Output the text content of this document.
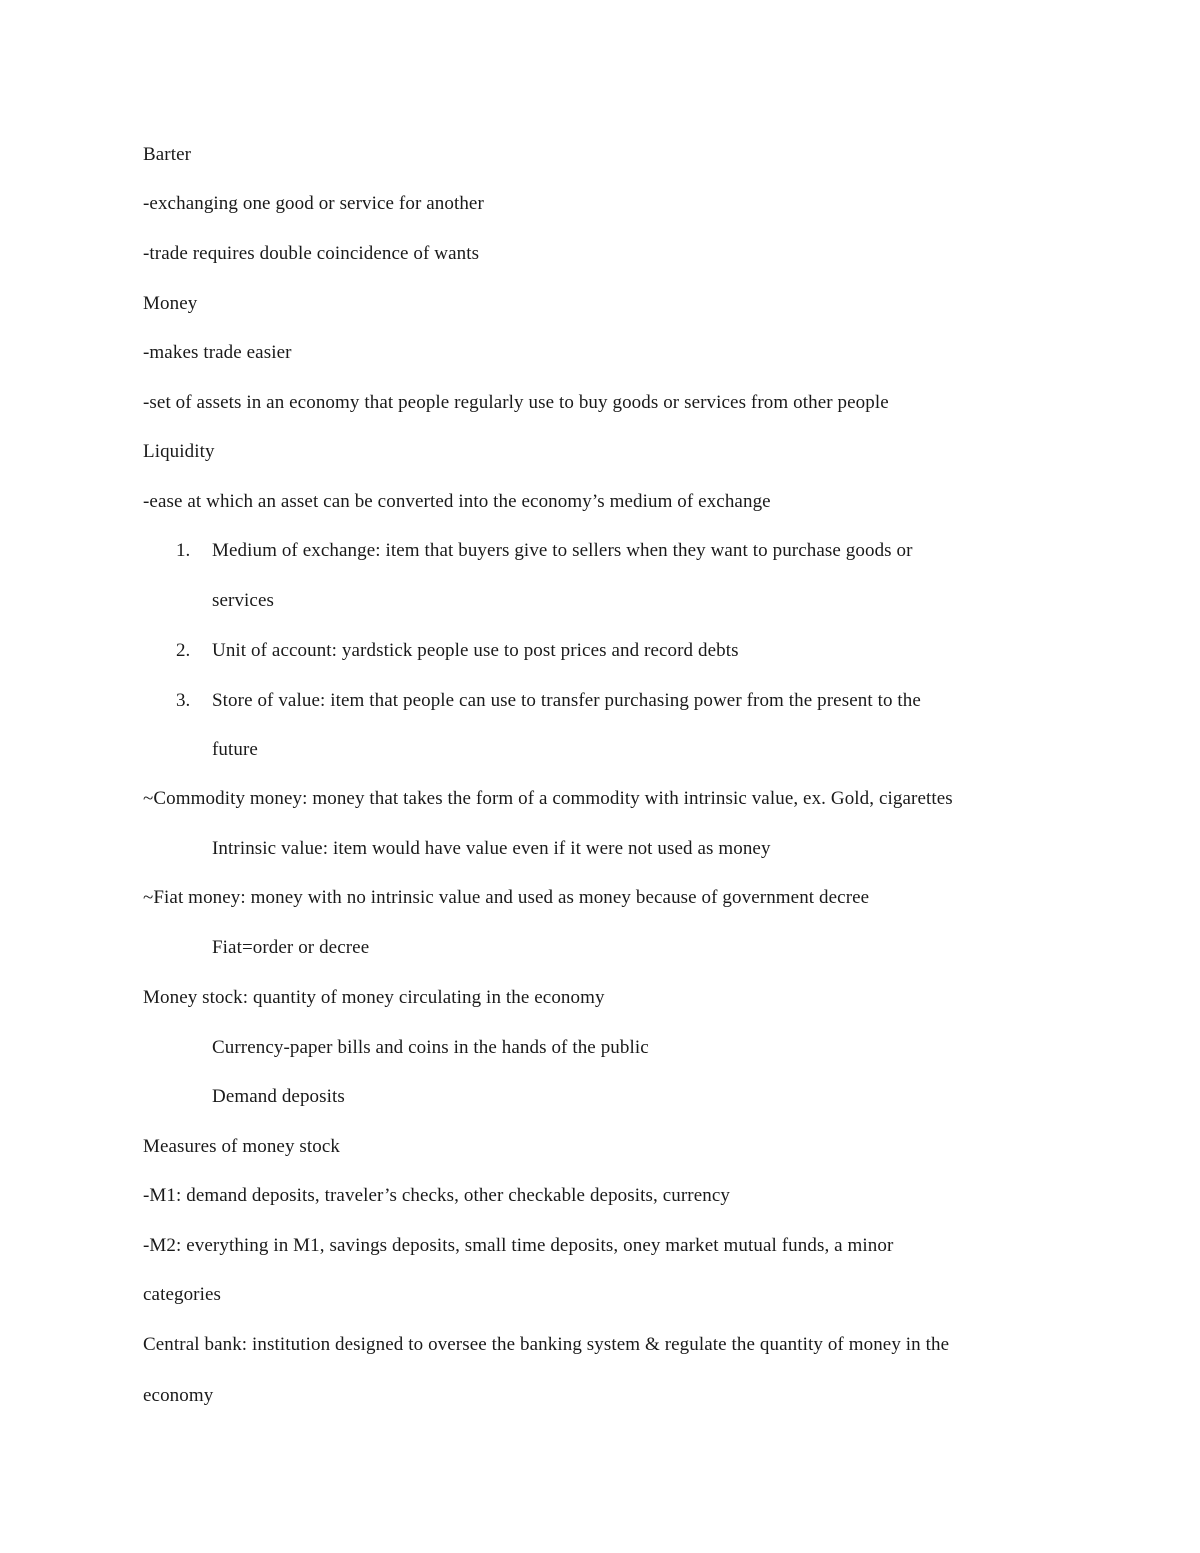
Barter
-exchanging one good or service for another
-trade requires double coincidence of wants
Money
-makes trade easier
-set of assets in an economy that people regularly use to buy goods or services from other people
Liquidity
-ease at which an asset can be converted into the economy’s medium of exchange
1. Medium of exchange: item that buyers give to sellers when they want to purchase goods or
services
2. Unit of account: yardstick people use to post prices and record debts
3. Store of value: item that people can use to transfer purchasing power from the present to the
future
~Commodity money: money that takes the form of a commodity with intrinsic value, ex. Gold, cigarettes
Intrinsic value: item would have value even if it were not used as money
~Fiat money: money with no intrinsic value and used as money because of government decree
Fiat=order or decree
Money stock: quantity of money circulating in the economy
Currency-paper bills and coins in the hands of the public
Demand deposits
Measures of money stock
-M1: demand deposits, traveler’s checks, other checkable deposits, currency
-M2: everything in M1, savings deposits, small time deposits, oney market mutual funds, a minor
categories
Central bank: institution designed to oversee the banking system & regulate the quantity of money in the
economy
